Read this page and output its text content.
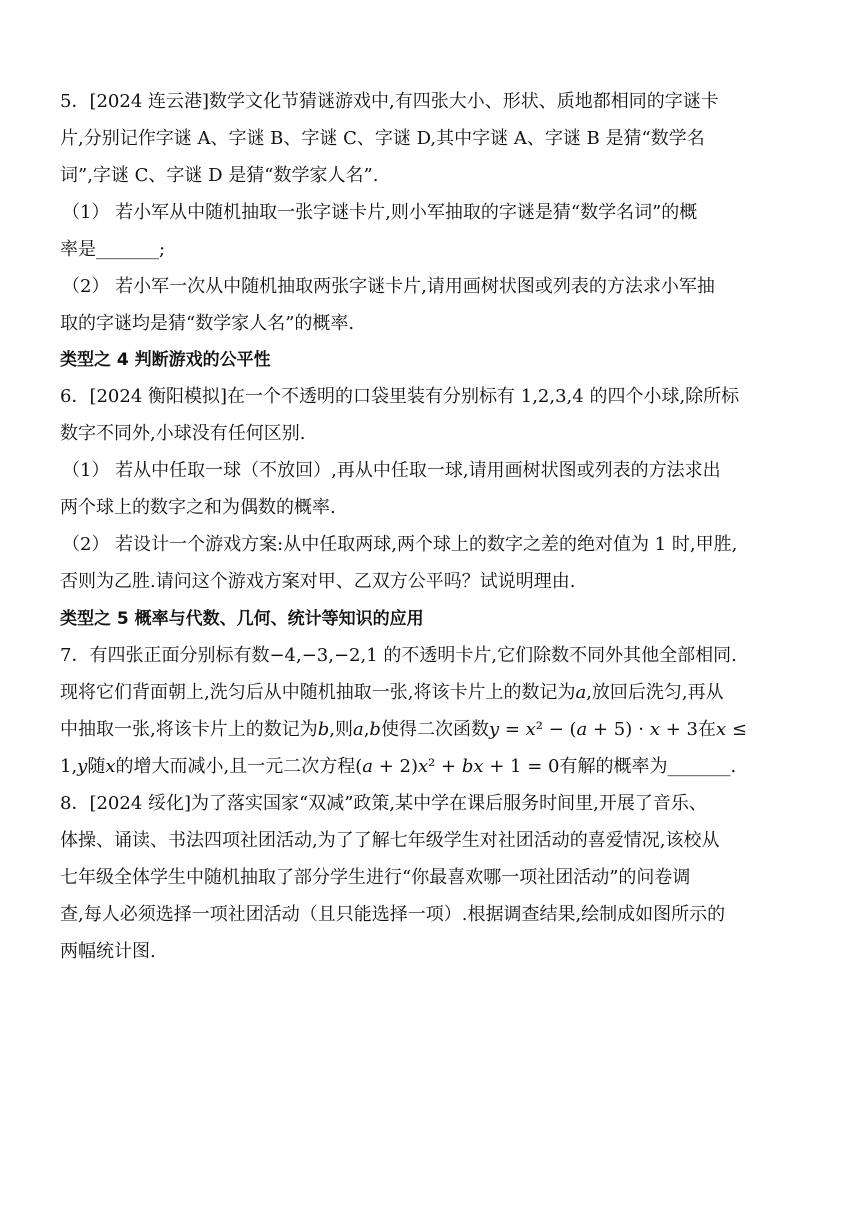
5．[2024 连云港]数学文化节猜谜游戏中,有四张大小、形状、质地都相同的字谜卡
片,分别记作字谜 A、字谜 B、字谜 C、字谜 D,其中字谜 A、字谜 B 是猜“数学名
词”,字谜 C、字谜 D 是猜“数学家人名”.
（1） 若小军从中随机抽取一张字谜卡片,则小军抽取的字谜是猜“数学名词”的概
率是_______;
（2） 若小军一次从中随机抽取两张字谜卡片,请用画树状图或列表的方法求小军抽
取的字谜均是猜“数学家人名”的概率.
类型之 4 判断游戏的公平性
6．[2024 衡阳模拟]在一个不透明的口袋里装有分别标有 1,2,3,4 的四个小球,除所标
数字不同外,小球没有任何区别.
（1） 若从中任取一球（不放回）,再从中任取一球,请用画树状图或列表的方法求出
两个球上的数字之和为偶数的概率.
（2） 若设计一个游戏方案:从中任取两球,两个球上的数字之差的绝对值为 1 时,甲胜,
否则为乙胜.请问这个游戏方案对甲、乙双方公平吗？试说明理由.
类型之 5 概率与代数、几何、统计等知识的应用
7．有四张正面分别标有数−4,−3,−2,1 的不透明卡片,它们除数不同外其他全部相同.
现将它们背面朝上,洗匀后从中随机抽取一张,将该卡片上的数记为𝑎,放回后洗匀,再从
中抽取一张,将该卡片上的数记为𝑏,则𝑎,𝑏使得二次函数𝑦 = 𝑥² − (𝑎 + 5) ⋅ 𝑥 + 3在𝑥 ≤
1,𝑦随𝑥的增大而减小,且一元二次方程(𝑎 + 2)𝑥² + 𝑏𝑥 + 1 = 0有解的概率为_______.
8．[2024 绥化]为了落实国家“双减”政策,某中学在课后服务时间里,开展了音乐、
体操、诵读、书法四项社团活动,为了了解七年级学生对社团活动的喜爱情况,该校从
七年级全体学生中随机抽取了部分学生进行“你最喜欢哪一项社团活动”的问卷调
查,每人必须选择一项社团活动（且只能选择一项）.根据调查结果,绘制成如图所示的
两幅统计图.
